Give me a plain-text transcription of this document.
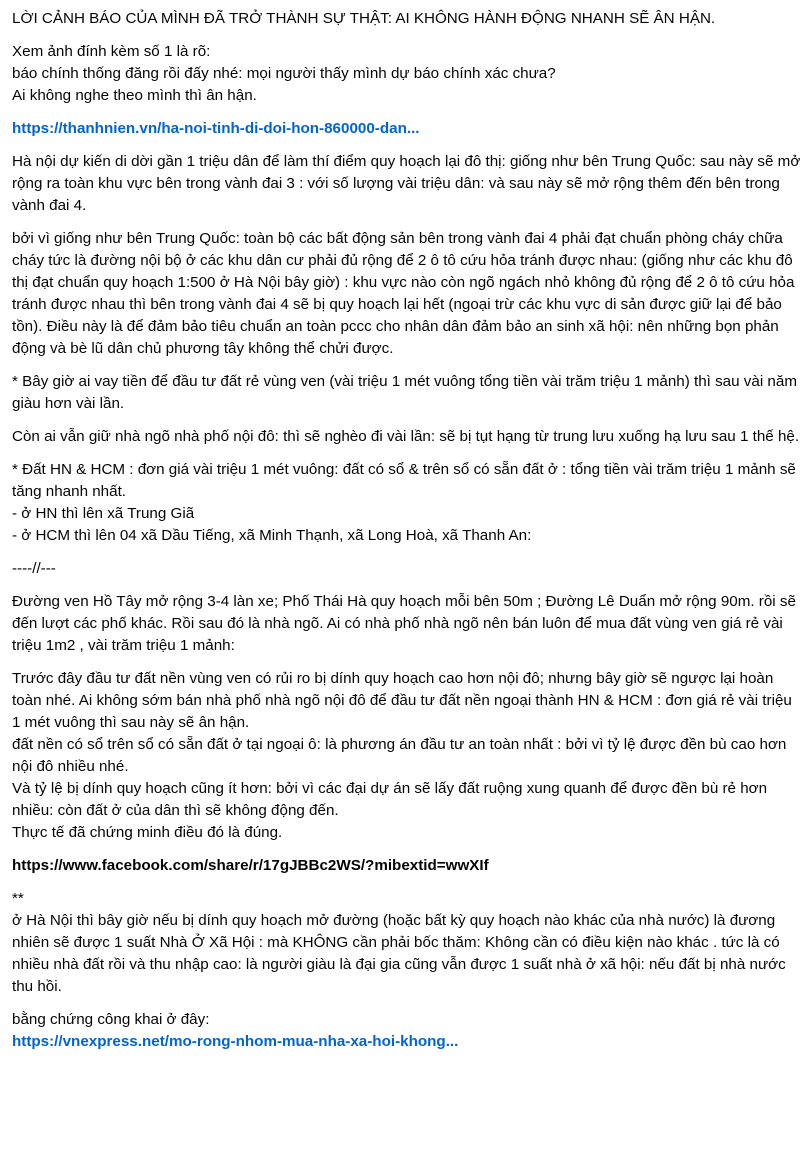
LỜI CẢNH BÁO CỦA MÌNH ĐÃ TRỞ THÀNH SỰ THẬT: AI KHÔNG HÀNH ĐỘNG NHANH SẼ ÂN HẬN.

Xem ảnh đính kèm số 1 là rõ:
báo chính thống đăng rồi đấy nhé: mọi người thấy mình dự báo chính xác chưa?
Ai không nghe theo mình thì ân hận.

https://thanhnien.vn/ha-noi-tinh-di-doi-hon-860000-dan...

Hà nội dự kiến di dời gần 1 triệu dân để làm thí điểm quy hoạch lại đô thị: giống như bên Trung Quốc: sau này sẽ mở rộng ra toàn khu vực bên trong vành đai 3 : với số lượng vài triệu dân: và sau này sẽ mở rộng thêm đến bên trong vành đai 4.

bởi vì giống như bên Trung Quốc: toàn bộ các bất động sản bên trong vành đai 4 phải đạt chuẩn phòng cháy chữa cháy tức là đường nội bộ ở các khu dân cư phải đủ rộng để 2 ô tô cứu hỏa tránh được nhau: (giống như các khu đô thị đạt chuẩn quy hoạch 1:500 ở Hà Nội bây giờ) : khu vực nào còn ngõ ngách nhỏ không đủ rộng để 2 ô tô cứu hỏa tránh được nhau thì bên trong vành đai 4 sẽ bị quy hoạch lại hết (ngoại trừ các khu vực di sản được giữ lại để bảo tồn). Điều này là để đảm bảo tiêu chuẩn an toàn pccc cho nhân dân đảm bảo an sinh xã hội: nên những bọn phản động và bè lũ dân chủ phương tây không thể chửi được.

* Bây giờ ai vay tiền để đầu tư đất rẻ vùng ven (vài triệu 1 mét vuông tổng tiền vài trăm triệu 1 mảnh) thì sau vài năm giàu hơn vài lần.

Còn ai vẫn giữ nhà ngõ nhà phố nội đô: thì sẽ nghèo đi vài lần: sẽ bị tụt hạng từ trung lưu xuống hạ lưu sau 1 thế hệ.

* Đất HN & HCM : đơn giá vài triệu 1 mét vuông: đất có sổ & trên sổ có sẵn đất ở : tổng tiền vài trăm triệu 1 mảnh sẽ tăng nhanh nhất.
- ở HN thì lên xã Trung Giã
- ở HCM thì lên 04 xã Dầu Tiếng, xã Minh Thạnh, xã Long Hoà, xã Thanh An:

----//---

Đường ven Hồ Tây mở rộng 3-4 làn xe; Phố Thái Hà quy hoạch mỗi bên 50m ; Đường Lê Duẩn mở rộng 90m. rồi sẽ đến lượt các phố khác. Rồi sau đó là nhà ngõ. Ai có nhà phố nhà ngõ nên bán luôn để mua đất vùng ven giá rẻ vài triệu 1m2 , vài trăm triệu 1 mảnh:

Trước đây đầu tư đất nền vùng ven có rủi ro bị dính quy hoạch cao hơn nội đô; nhưng bây giờ sẽ ngược lại hoàn toàn nhé. Ai không sớm bán nhà phố nhà ngõ nội đô để đầu tư đất nền ngoại thành HN & HCM : đơn giá rẻ vài triệu 1 mét vuông thì sau này sẽ ân hận.
đất nền có sổ trên sổ có sẵn đất ở tại ngoại ô: là phương án đầu tư an toàn nhất : bởi vì tỷ lệ được đền bù cao hơn nội đô nhiều nhé.
Và tỷ lệ bị dính quy hoạch cũng ít hơn: bởi vì các đại dự án sẽ lấy đất ruộng xung quanh để được đền bù rẻ hơn nhiều: còn đất ở của dân thì sẽ không động đến.
Thực tế đã chứng minh điều đó là đúng.

https://www.facebook.com/share/r/17gJBBc2WS/?mibextid=wwXIf

**
ở Hà Nội thì bây giờ nếu bị dính quy hoạch mở đường (hoặc bất kỳ quy hoạch nào khác của nhà nước) là đương nhiên sẽ được 1 suất Nhà Ở Xã Hội : mà KHÔNG cần phải bốc thăm: Không cần có điều kiện nào khác . tức là có nhiều nhà đất rồi và thu nhập cao: là người giàu là đại gia cũng vẫn được 1 suất nhà ở xã hội: nếu đất bị nhà nước thu hồi.

bằng chứng công khai ở đây:
https://vnexpress.net/mo-rong-nhom-mua-nha-xa-hoi-khong...
